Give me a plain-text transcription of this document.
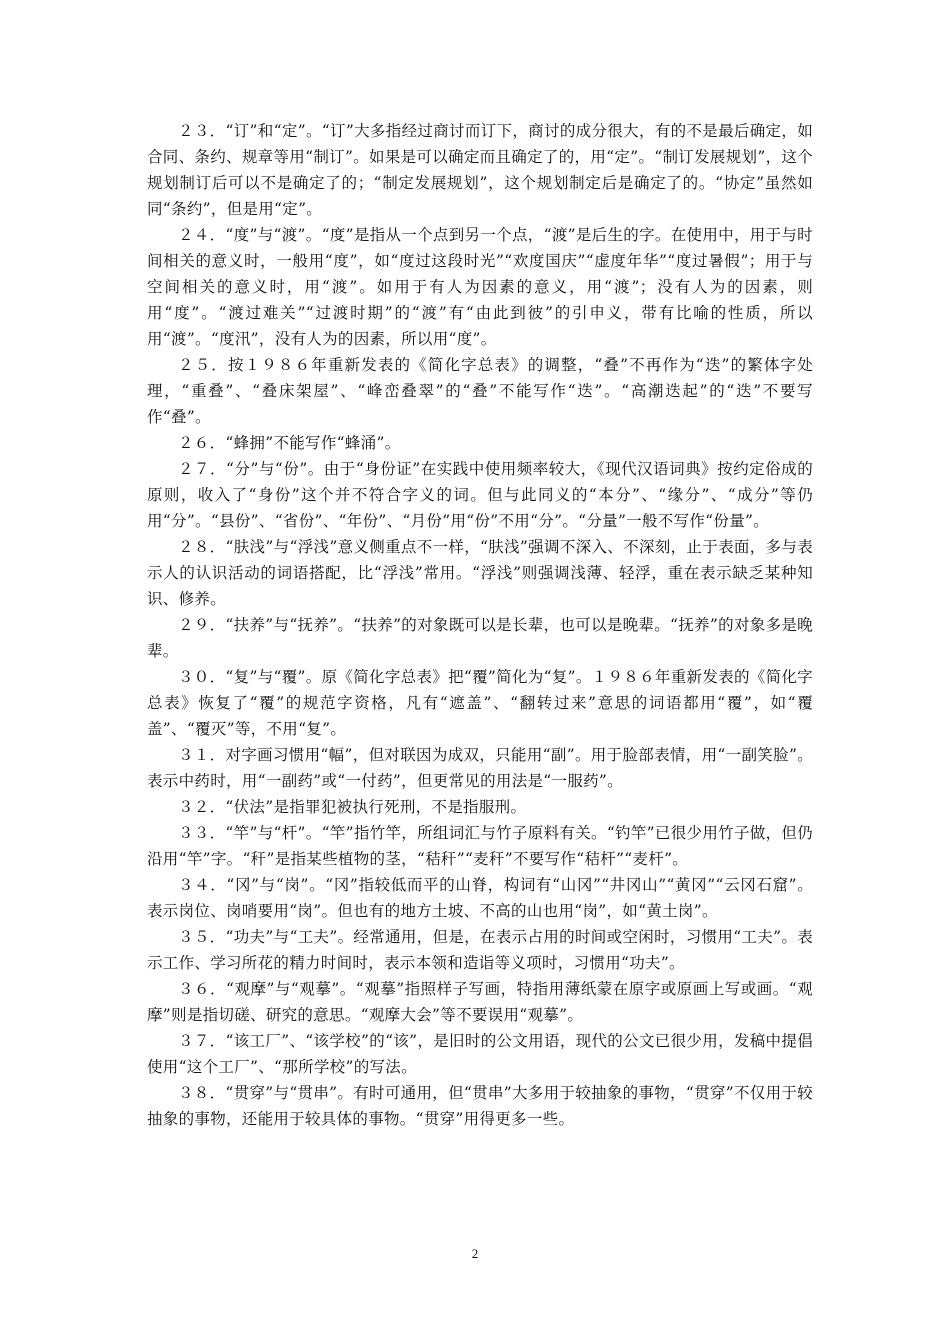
２３．“订”和“定”。“订”大多指经过商讨而订下，商讨的成分很大，有的不是最后确定，如合同、条约、规章等用“制订”。如果是可以确定而且确定了的，用“定”。“制订发展规划”，这个规划制订后可以不是确定了的；“制定发展规划”，这个规划制定后是确定了的。“协定”虽然如同“条约”，但是用“定”。

２４．“度”与“渡”。“度”是指从一个点到另一个点，“渡”是后生的字。在使用中，用于与时间相关的意义时，一般用“度”，如“度过这段时光”“欢度国庆”“虚度年华”“度过暑假”；用于与空间相关的意义时，用“渡”。如用于有人为因素的意义，用“渡”；没有人为的因素，则用“度”。“渡过难关”“过渡时期”的“渡”有“由此到彼”的引申义，带有比喻的性质，所以用“渡”。“度汛”，没有人为的因素，所以用“度”。

２５．按１９８６年重新发表的《简化字总表》的调整，“叠”不再作为“迭”的繁体字处理，“重叠”、“叠床架屋”、“峰峦叠翠”的“叠”不能写作“迭”。“高潮迭起”的“迭”不要写作“叠”。

２６．“蜂拥”不能写作“蜂涌”。

２７．“分”与“份”。由于“身份证”在实践中使用频率较大，《现代汉语词典》按约定俗成的原则，收入了“身份”这个并不符合字义的词。但与此同义的“本分”、“缘分”、“成分”等仍用“分”。“县份”、“省份”、“年份”、“月份”用“份”不用“分”。“分量”一般不写作“份量”。

２８．“肤浅”与“浮浅”意义侧重点不一样，“肤浅”强调不深入、不深刻，止于表面，多与表示人的认识活动的词语搭配，比“浮浅”常用。“浮浅”则强调浅薄、轻浮，重在表示缺乏某种知识、修养。

２９．“扶养”与“抚养”。“扶养”的对象既可以是长辈，也可以是晚辈。“抚养”的对象多是晚辈。

３０．“复”与“覆”。原《简化字总表》把“覆”简化为“复”。１９８６年重新发表的《简化字总表》恢复了“覆”的规范字资格，凡有“遮盖”、“翻转过来”意思的词语都用“覆”，如“覆盖”、“覆灭”等，不用“复”。

３１．对字画习惯用“幅”，但对联因为成双，只能用“副”。用于脸部表情，用“一副笑脸”。表示中药时，用“一副药”或“一付药”，但更常见的用法是“一服药”。

３２．“伏法”是指罪犯被执行死刑，不是指服刑。

３３．“竿”与“杆”。“竿”指竹竿，所组词汇与竹子原料有关。“钓竿”已很少用竹子做，但仍沿用“竿”字。“秆”是指某些植物的茎，“秸秆”“麦秆”不要写作“秸杆”“麦杆”。

３４．“冈”与“岗”。“冈”指较低而平的山脊，构词有“山冈”“井冈山”“黄冈”“云冈石窟”。表示岗位、岗哨要用“岗”。但也有的地方土坡、不高的山也用“岗”，如“黄土岗”。

３５．“功夫”与“工夫”。经常通用，但是，在表示占用的时间或空闲时，习惯用“工夫”。表示工作、学习所花的精力时间时，表示本领和造诣等义项时，习惯用“功夫”。

３６．“观摩”与“观摹”。“观摹”指照样子写画，特指用薄纸蒙在原字或原画上写或画。“观摩”则是指切磋、研究的意思。“观摩大会”等不要误用“观摹”。

３７．“该工厂”、“该学校”的“该”，是旧时的公文用语，现代的公文已很少用，发稿中提倡使用“这个工厂”、“那所学校”的写法。

３８．“贯穿”与“贯串”。有时可通用，但“贯串”大多用于较抽象的事物，“贯穿”不仅用于较抽象的事物，还能用于较具体的事物。“贯穿”用得更多一些。

2
